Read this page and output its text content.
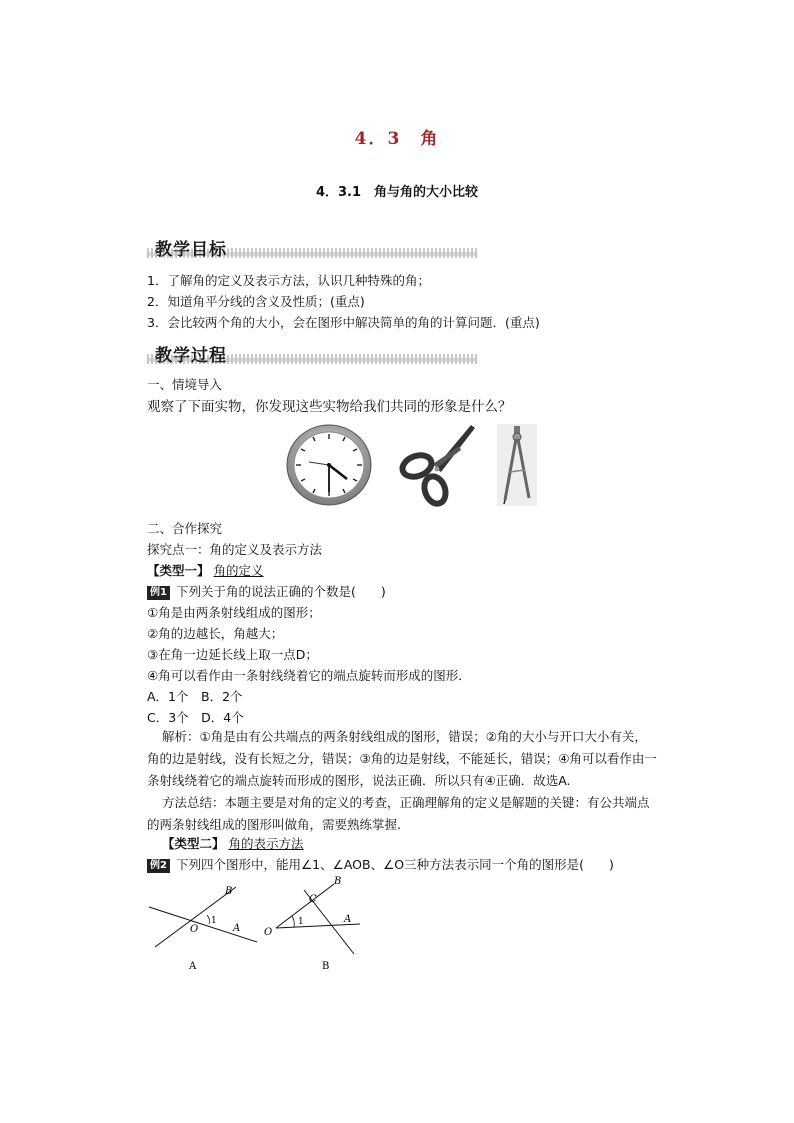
4．3　角
4．3.1　角与角的大小比较
教学目标
1．了解角的定义及表示方法，认识几种特殊的角；
2．知道角平分线的含义及性质；(重点)
3．会比较两个角的大小，会在图形中解决简单的角的计算问题．(重点)
教学过程
一、情境导入
观察了下面实物，你发现这些实物给我们共同的形象是什么？
二、合作探究
探究点一：角的定义及表示方法
【类型一】 角的定义
例1 下列关于角的说法正确的个数是(　　)
①角是由两条射线组成的图形；
②角的边越长，角越大；
③在角一边延长线上取一点D；
④角可以看作由一条射线绕着它的端点旋转而形成的图形．
A．1个　B．2个
C．3个　D．4个
解析：①角是由有公共端点的两条射线组成的图形，错误；②角的大小与开口大小有关，角的边是射线，没有长短之分，错误；③角的边是射线，不能延长，错误；④角可以看作由一条射线绕着它的端点旋转而形成的图形，说法正确．所以只有④正确．故选A.
方法总结：本题主要是对角的定义的考查，正确理解角的定义是解题的关键：有公共端点的两条射线组成的图形叫做角，需要熟练掌握.
【类型二】 角的表示方法
例2 下列四个图形中，能用∠1、∠AOB、∠O三种方法表示同一个角的图形是(　　)
B
1
O	A
A
B
C
1
O
A
B
